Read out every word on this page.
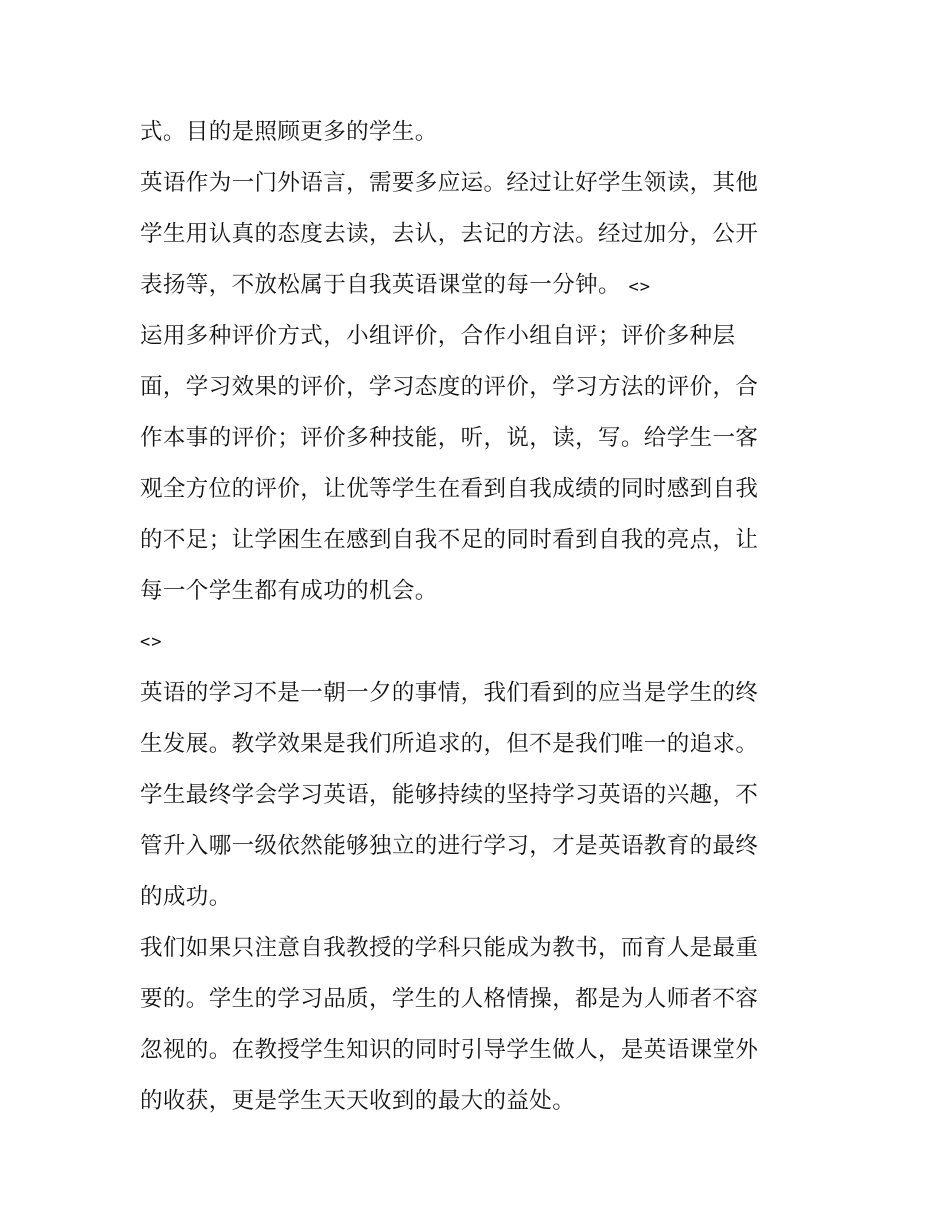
式。目的是照顾更多的学生。
英语作为一门外语言，需要多应运。经过让好学生领读，其他
学生用认真的态度去读，去认，去记的方法。经过加分，公开
表扬等，不放松属于自我英语课堂的每一分钟。 <>
运用多种评价方式，小组评价，合作小组自评；评价多种层
面，学习效果的评价，学习态度的评价，学习方法的评价，合
作本事的评价；评价多种技能，听，说，读，写。给学生一客
观全方位的评价，让优等学生在看到自我成绩的同时感到自我
的不足；让学困生在感到自我不足的同时看到自我的亮点，让
每一个学生都有成功的机会。
<>
英语的学习不是一朝一夕的事情，我们看到的应当是学生的终
生发展。教学效果是我们所追求的，但不是我们唯一的追求。
学生最终学会学习英语，能够持续的坚持学习英语的兴趣，不
管升入哪一级依然能够独立的进行学习，才是英语教育的最终
的成功。
我们如果只注意自我教授的学科只能成为教书，而育人是最重
要的。学生的学习品质，学生的人格情操，都是为人师者不容
忽视的。在教授学生知识的同时引导学生做人，是英语课堂外
的收获，更是学生天天收到的最大的益处。
